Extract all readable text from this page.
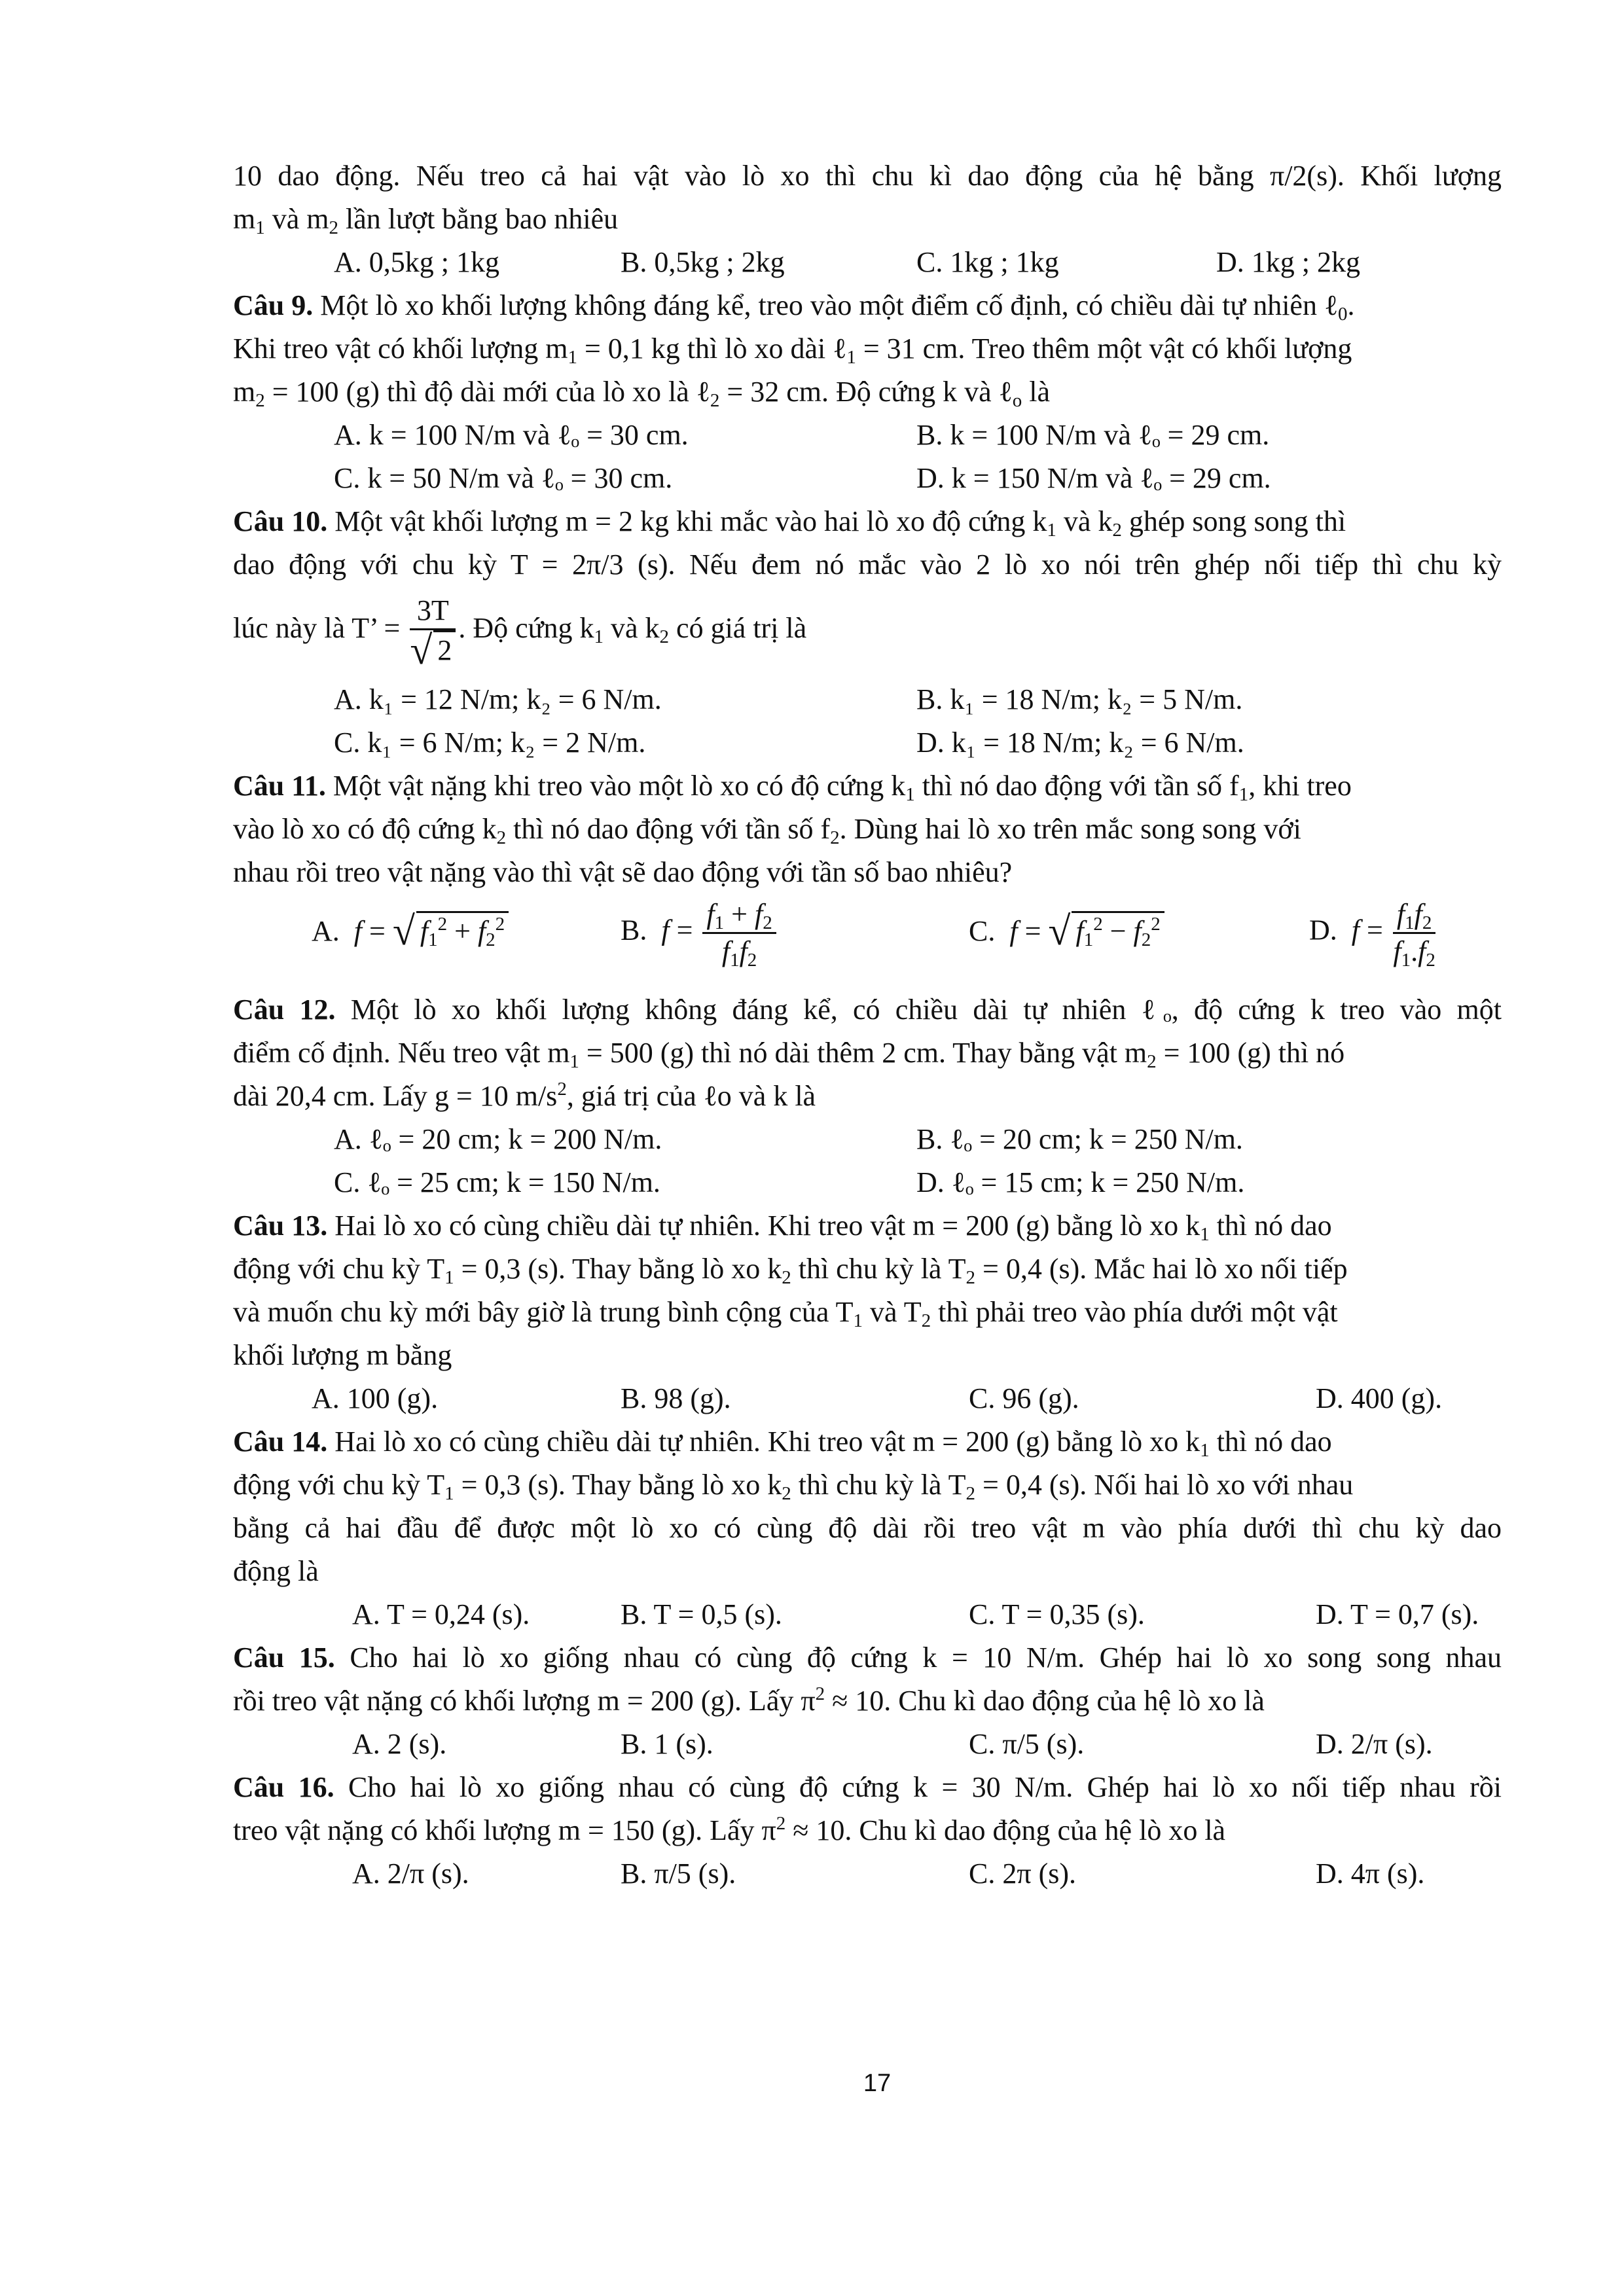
10 dao động. Nếu treo cả hai vật vào lò xo thì chu kì dao động của hệ bằng π/2(s). Khối lượng
$m_1$ và $m_2$ lần lượt bằng bao nhiêu
A. 0,5kg ; 1kg	B. 0,5kg ; 2kg	C. 1kg ; 1kg	D. 1kg ; 2kg
Câu 9. Một lò xo khối lượng không đáng kể, treo vào một điểm cố định, có chiều dài tự nhiên ℓ$_0$.
Khi treo vật có khối lượng $m_1 = 0,1$ kg thì lò xo dài ℓ$_1$ = 31 cm. Treo thêm một vật có khối lượng
$m_2 = 100$ (g) thì độ dài mới của lò xo là ℓ$_2$ = 32 cm. Độ cứng k và ℓ$_o$ là
A. k = 100 N/m và ℓₒ = 30 cm.	B. k = 100 N/m và ℓₒ = 29 cm.
C. k = 50 N/m và ℓₒ = 30 cm.	D. k = 150 N/m và ℓₒ = 29 cm.
Câu 10. Một vật khối lượng m = 2 kg khi mắc vào hai lò xo độ cứng $k_1$ và $k_2$ ghép song song thì
dao động với chu kỳ T = 2π/3 (s). Nếu đem nó mắc vào 2 lò xo nói trên ghép nối tiếp thì chu kỳ
lúc này là T’ = $\frac{3T}{√ 2}$ . Độ cứng $k_1$ và $k_2$ có giá trị là
A. k₁ = 12 N/m; k₂ = 6 N/m.	B. k₁ = 18 N/m; k₂ = 5 N/m.
C. k₁ = 6 N/m; k₂ = 2 N/m.	D. k₁ = 18 N/m; k₂ = 6 N/m.
Câu 11. Một vật nặng khi treo vào một lò xo có độ cứng $k_1$ thì nó dao động với tần số $f_1$, khi treo
vào lò xo có độ cứng $k_2$ thì nó dao động với tần số $f_2$. Dùng hai lò xo trên mắc song song với
nhau rồi treo vật nặng vào thì vật sẽ dao động với tần số bao nhiêu?
A.  f = √ $f_1^2 + f_2^2$	B.  $f = \frac{f_1 + f_2}{f_1f_2}$	C.  f = √ $f_1^2 - f_2^2$	D.  $f = \frac{f_1f_2}{f_1.f_2}$
Câu 12. Một lò xo khối lượng không đáng kể, có chiều dài tự nhiên ℓₒ, độ cứng k treo vào một
điểm cố định. Nếu treo vật $m_1 = 500$ (g) thì nó dài thêm 2 cm. Thay bằng vật $m_2 = 100$ (g) thì nó
dài 20,4 cm. Lấy g = 10 $m/s^2$, giá trị của ℓo và k là
A. ℓₒ = 20 cm; k = 200 N/m.	B. ℓₒ = 20 cm; k = 250 N/m.
C. ℓₒ = 25 cm; k = 150 N/m.	D. ℓₒ = 15 cm; k = 250 N/m.
Câu 13. Hai lò xo có cùng chiều dài tự nhiên. Khi treo vật m = 200 (g) bằng lò xo $k_1$ thì nó dao
động với chu kỳ $T_1 = 0,3$ (s). Thay bằng lò xo $k_2$ thì chu kỳ là $T_2 = 0,4$ (s). Mắc hai lò xo nối tiếp
và muốn chu kỳ mới bây giờ là trung bình cộng của $T_1$ và $T_2$ thì phải treo vào phía dưới một vật
khối lượng m bằng
A. 100 (g).	B. 98 (g).	C. 96 (g).	D. 400 (g).
Câu 14. Hai lò xo có cùng chiều dài tự nhiên. Khi treo vật m = 200 (g) bằng lò xo $k_1$ thì nó dao
động với chu kỳ $T_1 = 0,3$ (s). Thay bằng lò xo $k_2$ thì chu kỳ là $T_2 = 0,4$ (s). Nối hai lò xo với nhau
bằng cả hai đầu để được một lò xo có cùng độ dài rồi treo vật m vào phía dưới thì chu kỳ dao
động là
A. T = 0,24 (s).	B. T = 0,5 (s).	C. T = 0,35 (s).	D. T = 0,7 (s).
Câu 15. Cho hai lò xo giống nhau có cùng độ cứng k = 10 N/m. Ghép hai lò xo song song nhau
rồi treo vật nặng có khối lượng m = 200 (g). Lấy $\pi^2 \approx 10$. Chu kì dao động của hệ lò xo là
A. 2 (s).	B. 1 (s).	C. π/5 (s).	D. 2/π (s).
Câu 16. Cho hai lò xo giống nhau có cùng độ cứng k = 30 N/m. Ghép hai lò xo nối tiếp nhau rồi
treo vật nặng có khối lượng m = 150 (g). Lấy $\pi^2 \approx 10$. Chu kì dao động của hệ lò xo là
A. 2/π (s).	B. π/5 (s).	C. 2π (s).	D. 4π (s).
17
